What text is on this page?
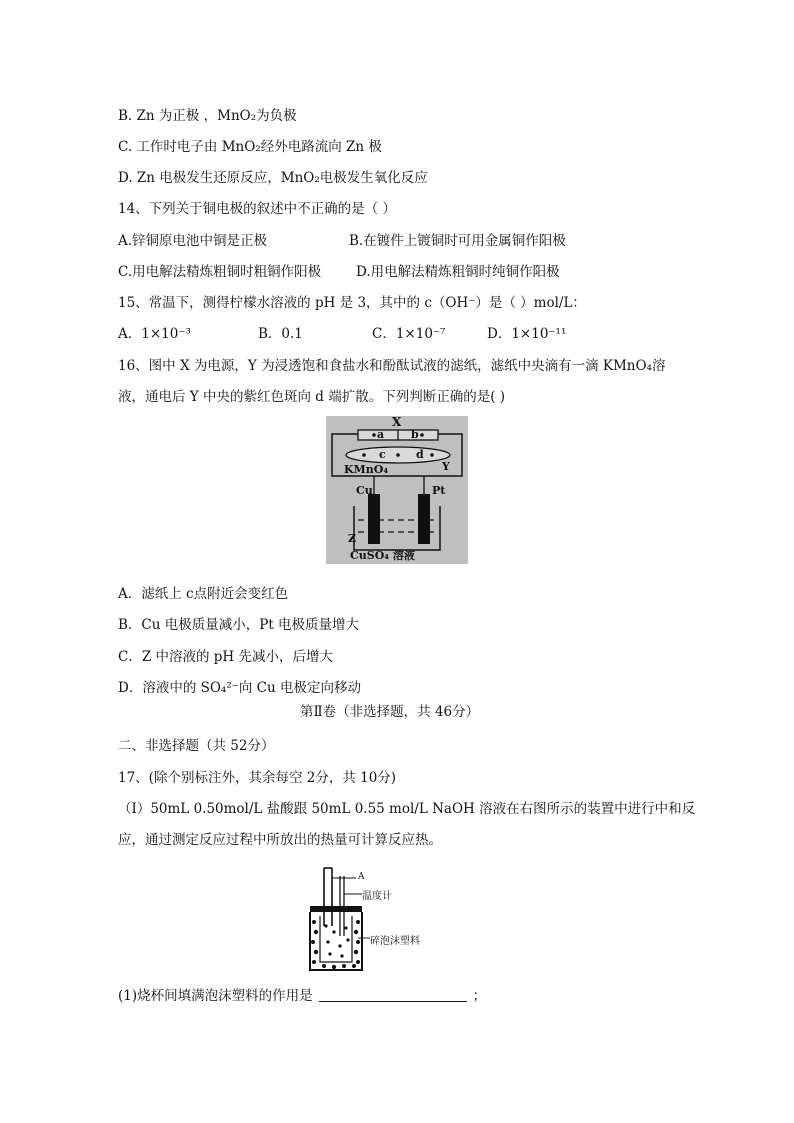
B. Zn 为正极 ，MnO₂为负极
C. 工作时电子由 MnO₂经外电路流向 Zn 极
D. Zn 电极发生还原反应，MnO₂电极发生氧化反应
14、下列关于铜电极的叙述中不正确的是（ ）
A.锌铜原电池中铜是正极	B.在镀件上镀铜时可用金属铜作阳极
C.用电解法精炼粗铜时粗铜作阳极	D.用电解法精炼粗铜时纯铜作阳极
15、常温下，测得柠檬水溶液的 pH 是 3，其中的 c（OH⁻）是（ ）mol/L：
A．1×10⁻³	B．0.1	C．1×10⁻⁷	D．1×10⁻¹¹
16、图中 X 为电源，Y 为浸透饱和食盐水和酚酞试液的滤纸，滤纸中央滴有一滴 KMnO₄溶
液，通电后 Y 中央的紫红色斑向 d 端扩散。下列判断正确的是( )
X
a b
c	d
KMnO₄	Y
Cu	Pt
Z
CuSO₄ 溶液
A．滤纸上 c点附近会变红色
B．Cu 电极质量减小，Pt 电极质量增大
C．Z 中溶液的 pH 先减小，后增大
D．溶液中的 SO₄²⁻向 Cu 电极定向移动
第Ⅱ卷（非选择题，共 46分）
二、非选择题（共 52分）
17、(除个别标注外，其余每空 2分，共 10分)
（Ⅰ）50mL 0.50mol/L 盐酸跟 50mL 0.55 mol/L NaOH 溶液在右图所示的装置中进行中和反
应，通过测定反应过程中所放出的热量可计算反应热。
A
温度计
碎泡沫塑料
(1)烧杯间填满泡沫塑料的作用是	；
